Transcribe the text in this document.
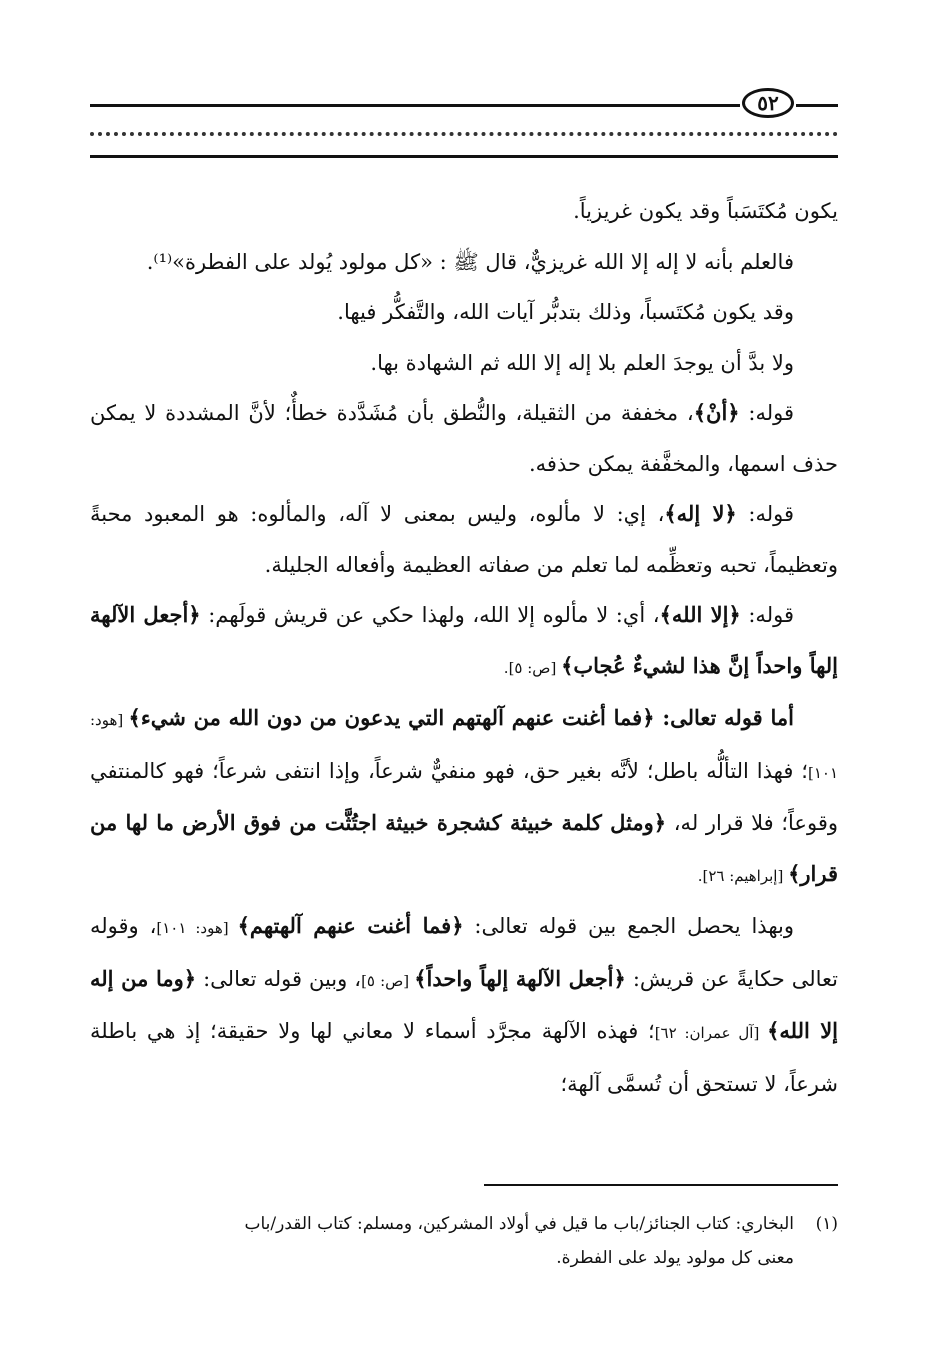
٥٢

يكون مُكتَسَباً وقد يكون غريزياً.

فالعلم بأنه لا إله إلا الله غريزيٌّ، قال ﷺ : «كل مولود يُولد على الفطرة»⁽¹⁾.

وقد يكون مُكتَسباً، وذلك بتدبُّر آيات الله، والتَّفكُّر فيها.

ولا بدَّ أن يوجدَ العلم بلا إله إلا الله ثم الشهادة بها.

قوله: ﴿أنْ﴾، مخففة من الثقيلة، والنُّطق بأن مُشَدَّدة خطأٌ؛ لأنَّ المشددة لا يمكن حذف اسمها، والمخفَّفة يمكن حذفه.

قوله: ﴿لا إله﴾، إي: لا مألوه، وليس بمعنى لا آله، والمألوه: هو المعبود محبةً وتعظيماً، تحبه وتعظِّمه لما تعلم من صفاته العظيمة وأفعاله الجليلة.

قوله: ﴿إلا الله﴾، أي: لا مألوه إلا الله، ولهذا حكي عن قريش قولَهم: ﴿أجعل الآلهة إلهاً واحداً إنَّ هذا لشيءٌ عُجاب﴾ [ص: ٥].

أما قوله تعالى: ﴿فما أغنت عنهم آلهتهم التي يدعون من دون الله من شيء﴾ [هود: ١٠١]؛ فهذا التألُّه باطل؛ لأنَّه بغير حق، فهو منفيٌّ شرعاً، وإذا انتفى شرعاً؛ فهو كالمنتفي وقوعاً؛ فلا قرار له، ﴿ومثل كلمة خبيثة كشجرة خبيثة اجتُثَّت من فوق الأرض ما لها من قرار﴾ [إبراهيم: ٢٦].

وبهذا يحصل الجمع بين قوله تعالى: ﴿فما أغنت عنهم آلهتهم﴾ [هود: ١٠١]، وقوله تعالى حكايةً عن قريش: ﴿أجعل الآلهة إلهاً واحداً﴾ [ص: ٥]، وبين قوله تعالى: ﴿وما من إله إلا الله﴾ [آل عمران: ٦٢]؛ فهذه الآلهة مجرَّد أسماء لا معاني لها ولا حقيقة؛ إذ هي باطلة شرعاً، لا تستحق أن تُسمَّى آلهة؛

(١)البخاري: كتاب الجنائز/باب ما قيل في أولاد المشركين، ومسلم: كتاب القدر/باب
معنى كل مولود يولد على الفطرة.
